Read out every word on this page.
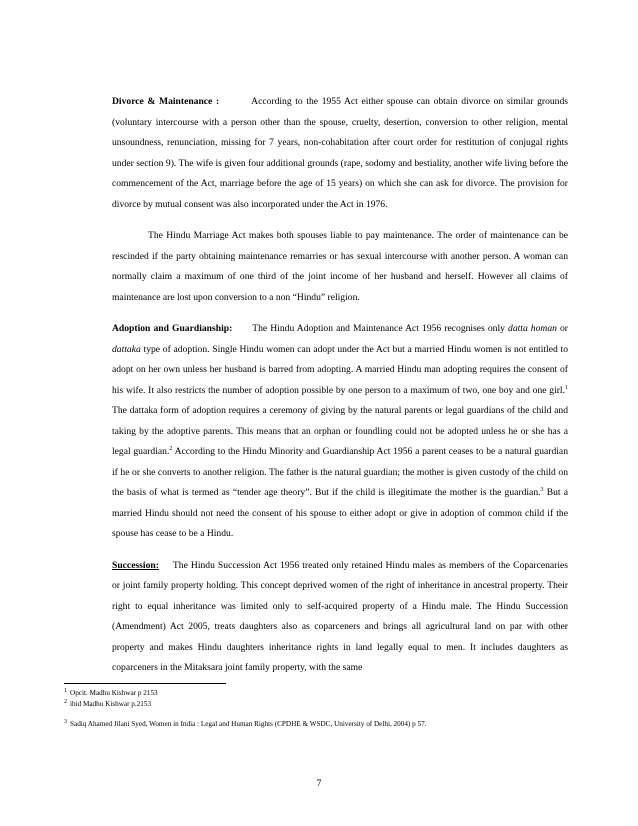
Divorce & Maintenance :	According to the 1955 Act either spouse can obtain divorce on similar grounds (voluntary intercourse with a person other than the spouse, cruelty, desertion, conversion to other religion, mental unsoundness, renunciation, missing for 7 years, non-cohabitation after court order for restitution of conjugal rights under section 9). The wife is given four additional grounds (rape, sodomy and bestiality, another wife living before the commencement of the Act, marriage before the age of 15 years) on which she can ask for divorce. The provision for divorce by mutual consent was also incorporated under the Act in 1976.

The Hindu Marriage Act makes both spouses liable to pay maintenance. The order of maintenance can be rescinded if the party obtaining maintenance remarries or has sexual intercourse with another person. A woman can normally claim a maximum of one third of the joint income of her husband and herself. However all claims of maintenance are lost upon conversion to a non “Hindu” religion.

Adoption and Guardianship: The Hindu Adoption and Maintenance Act 1956 recognises only datta homan or dattaka type of adoption. Single Hindu women can adopt under the Act but a married Hindu women is not entitled to adopt on her own unless her husband is barred from adopting. A married Hindu man adopting requires the consent of his wife. It also restricts the number of adoption possible by one person to a maximum of two, one boy and one girl.$^1$ The dattaka form of adoption requires a ceremony of giving by the natural parents or legal guardians of the child and taking by the adoptive parents. This means that an orphan or foundling could not be adopted unless he or she has a legal guardian.$^2$ According to the Hindu Minority and Guardianship Act 1956 a parent ceases to be a natural guardian if he or she converts to another religion. The father is the natural guardian; the mother is given custody of the child on the basis of what is termed as “tender age theory”. But if the child is illegitimate the mother is the guardian.$^3$ But a married Hindu should not need the consent of his spouse to either adopt or give in adoption of common child if the spouse has cease to be a Hindu.

Succession: The Hindu Succession Act 1956 treated only retained Hindu males as members of the Coparcenaries or joint family property holding. This concept deprived women of the right of inheritance in ancestral property. Their right to equal inheritance was limited only to self-acquired property of a Hindu male. The Hindu Succession (Amendment) Act 2005, treats daughters also as coparceners and brings all agricultural land on par with other property and makes Hindu daughters inheritance rights in land legally equal to men. It includes daughters as coparceners in the Mitaksara joint family property, with the same

$^1$ Opcit. Madhu Kishwar p 2153

$^2$ ibid Madhu Kishwar p.2153

$^3$ Sadiq Ahamed Jilani Syed, Women in India : Legal and Human Rights (CPDHE & WSDC, University of Delhi, 2004) p 57.

7
